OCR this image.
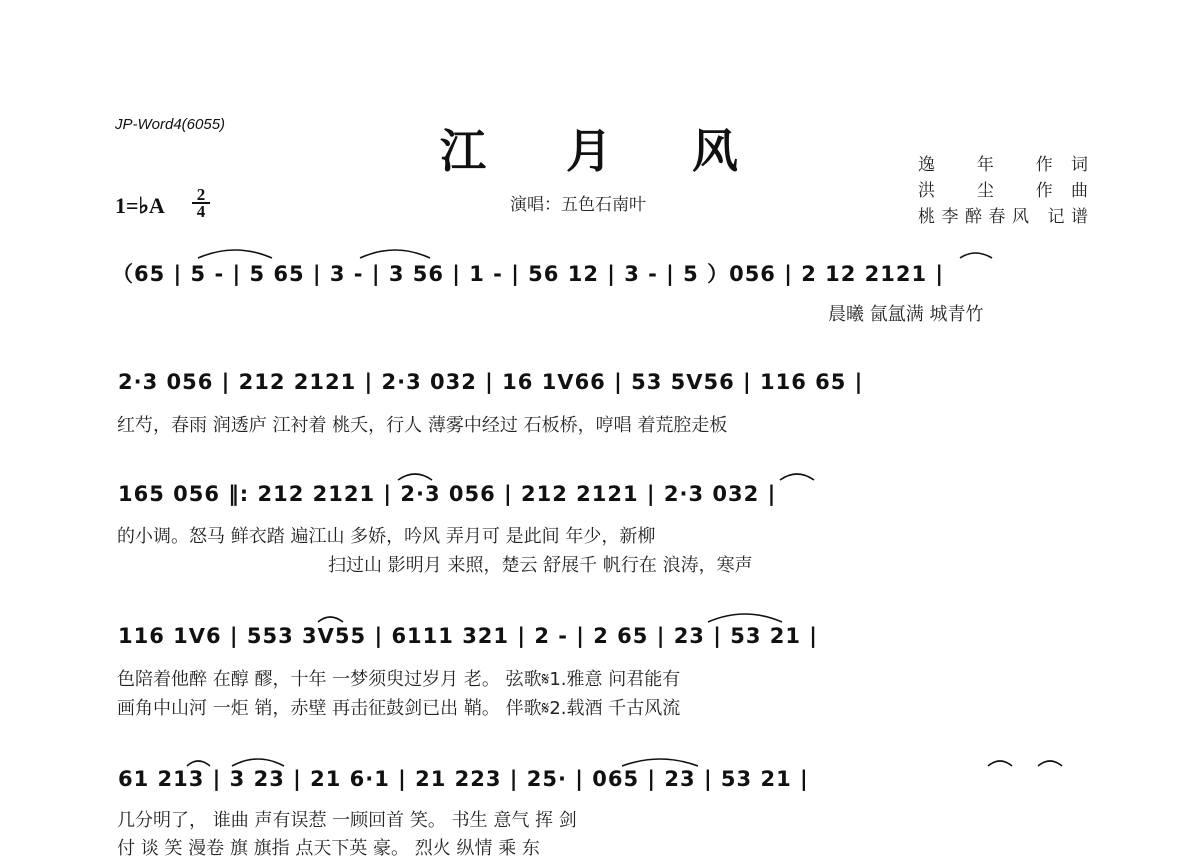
JP-Word4(6055)	江月风
1=♭A 2
4	演唱：五色石南叶
逸 年 作词
洪 尘 作曲
桃李醉春风 记谱
（65 | 5 - | 5 65 | 3 - | 3 56 | 1 - | 56 12 | 3 - | 5 ）056 | 2 12 2121 |
晨曦 氤氲满 城青竹
2·3 056 | 212 2121 | 2·3 032 | 16 1ᐯ66 | 53 5ᐯ56 | 116 65 |
红芍，春雨 润透庐 江衬着 桃夭，行人 薄雾中经过 石板桥，哼唱 着荒腔走板
165 056 ‖: 212 2121 | 2·3 056 | 212 2121 | 2·3 032 |
的小调。怒马 鲜衣踏 遍江山 多娇，吟风 弄月可 是此间 年少，新柳
扫过山 影明月 来照，楚云 舒展千 帆行在 浪涛，寒声
116 1ᐯ6 | 553 3ᐯ55 | 6111 321 | 2 - | 2 65 | 23 | 53 21 |
色陪着他醉 在醇 醪，十年 一梦须臾过岁月 老。 弦歌𝄋1.雅意 问君能有
画角中山河 一炬 销，赤壁 再击征鼓剑已出 鞘。 伴歌𝄋2.载酒 千古风流
61 213 | 3 23 | 21 6·1 | 21 223 | 25· | 065 | 23 | 53 21 |
几分明了， 谁曲 声有误惹 一顾回首 笑。 书生 意气 挥 剑
付 谈 笑 漫卷 旗 旗指 点天下英 豪。 烈火 纵情 乘 东
